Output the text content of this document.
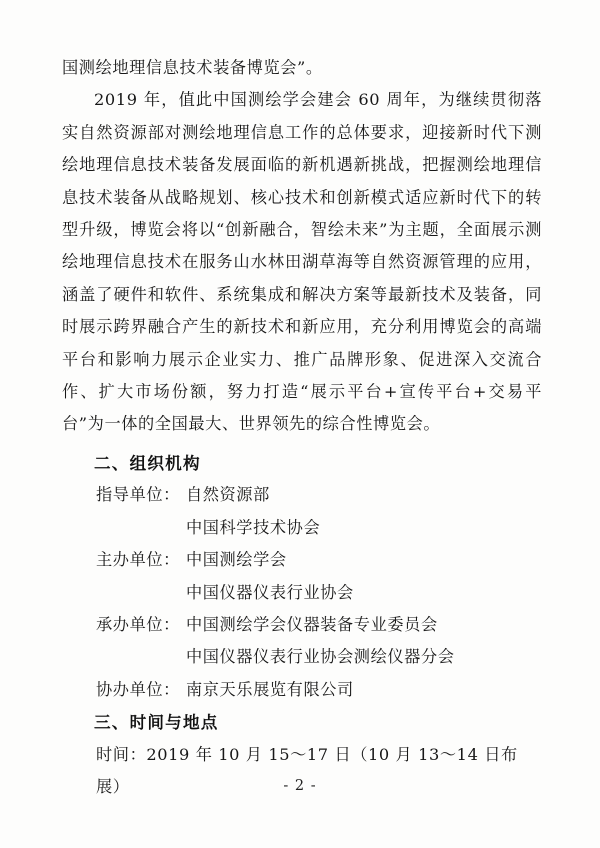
国测绘地理信息技术装备博览会”。

2019 年，值此中国测绘学会建会 60 周年，为继续贯彻落实自然资源部对测绘地理信息工作的总体要求，迎接新时代下测绘地理信息技术装备发展面临的新机遇新挑战，把握测绘地理信息技术装备从战略规划、核心技术和创新模式适应新时代下的转型升级，博览会将以“创新融合，智绘未来”为主题，全面展示测绘地理信息技术在服务山水林田湖草海等自然资源管理的应用，涵盖了硬件和软件、系统集成和解决方案等最新技术及装备，同时展示跨界融合产生的新技术和新应用，充分利用博览会的高端平台和影响力展示企业实力、推广品牌形象、促进深入交流合作、扩大市场份额，努力打造“展示平台+宣传平台+交易平台”为一体的全国最大、世界领先的综合性博览会。

二、组织机构
指导单位： 自然资源部
中国科学技术协会
主办单位： 中国测绘学会
中国仪器仪表行业协会
承办单位： 中国测绘学会仪器装备专业委员会
中国仪器仪表行业协会测绘仪器分会
协办单位： 南京天乐展览有限公司
三、时间与地点

时间：2019 年 10 月 15～17 日（10 月 13～14 日布展）	- 2 -
